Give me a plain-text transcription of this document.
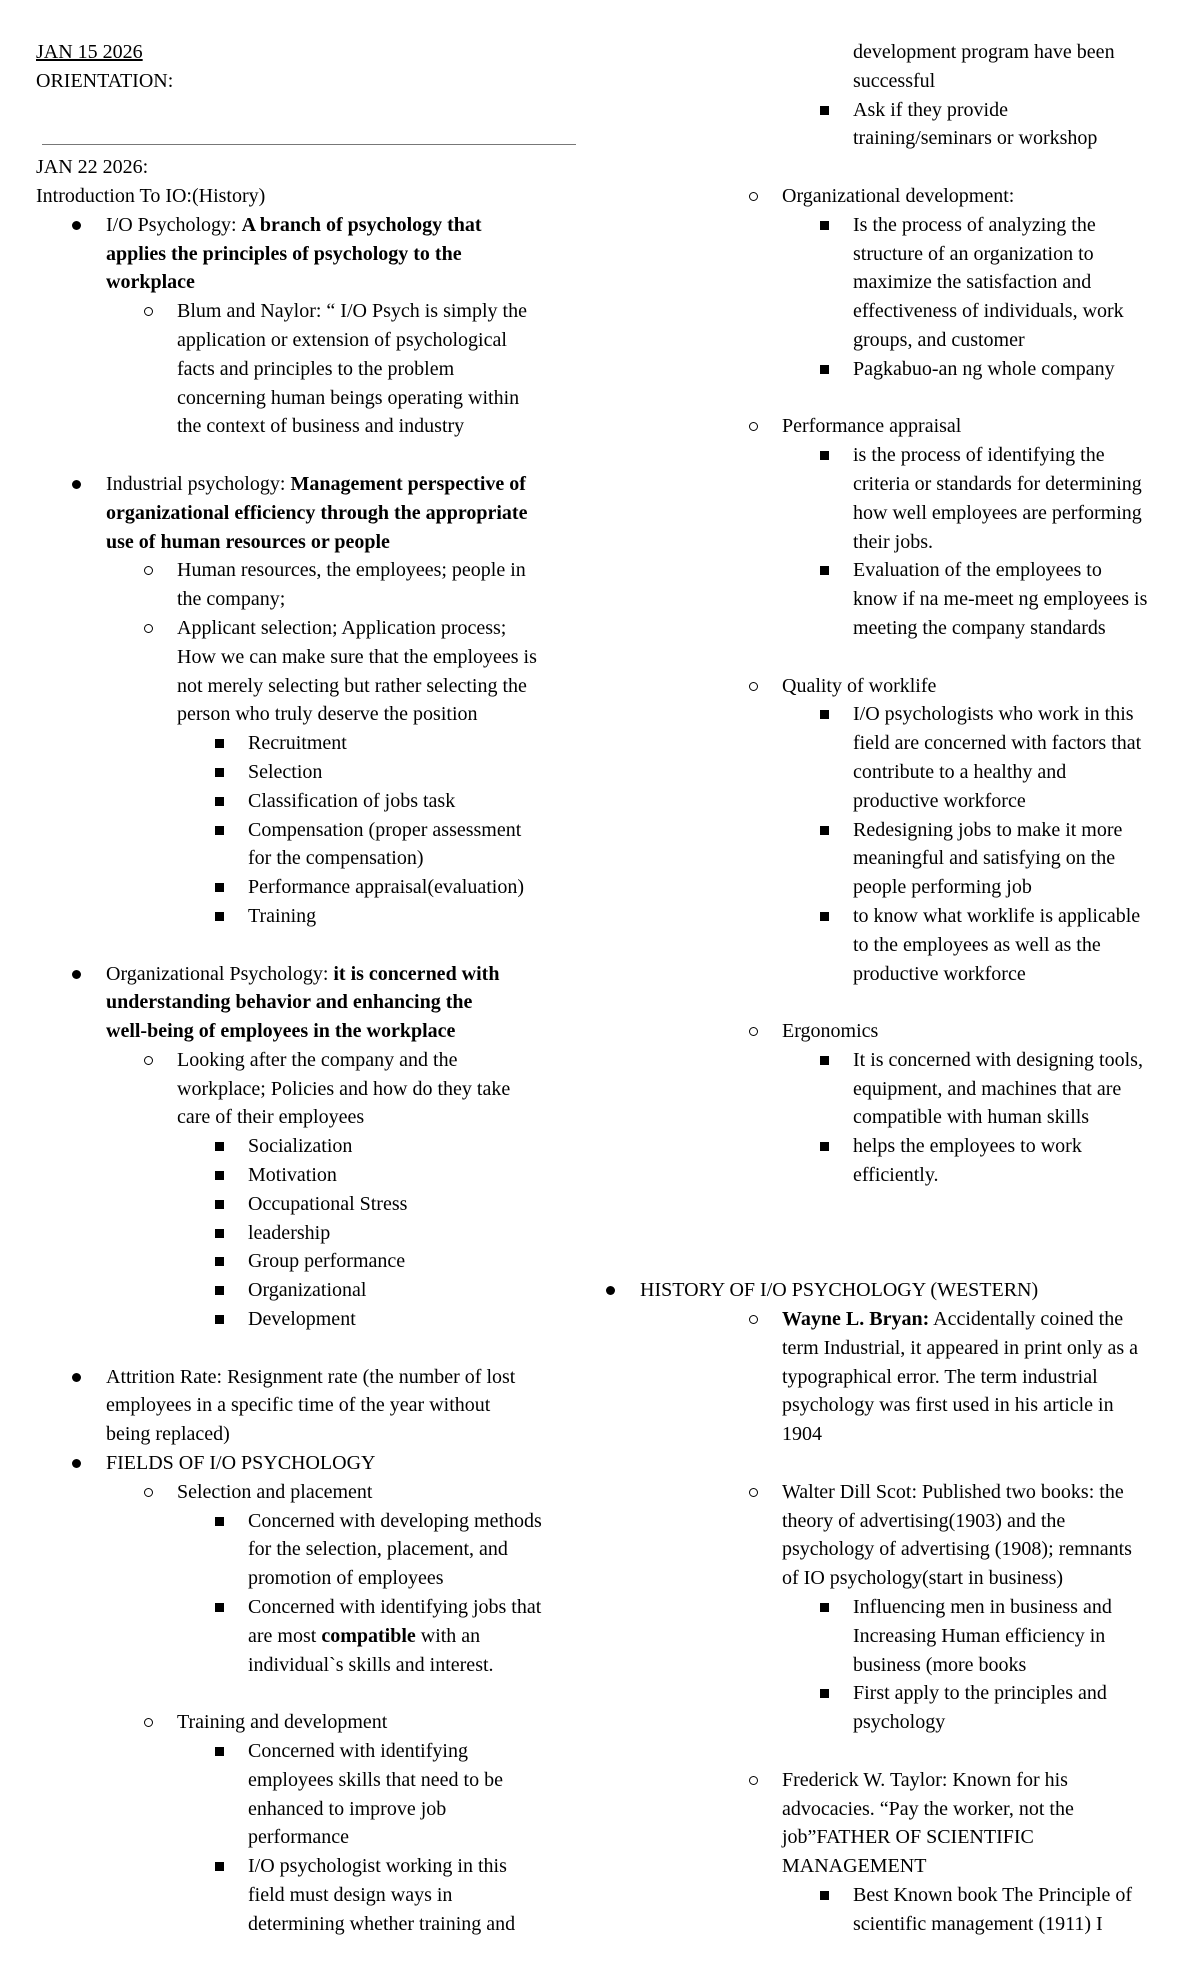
JAN 15 2026
ORIENTATION:
JAN 22 2026:
Introduction To IO:(History)
I/O Psychology: A branch of psychology that
applies the principles of psychology to the
workplace
Blum and Naylor: “ I/O Psych is simply the
application or extension of psychological
facts and principles to the problem
concerning human beings operating within
the context of business and industry
Industrial psychology: Management perspective of
organizational efficiency through the appropriate
use of human resources or people
Human resources, the employees; people in
the company;
Applicant selection; Application process;
How we can make sure that the employees is
not merely selecting but rather selecting the
person who truly deserve the position
Recruitment
Selection
Classification of jobs task
Compensation (proper assessment
for the compensation)
Performance appraisal(evaluation)
Training
Organizational Psychology: it is concerned with
understanding behavior and enhancing the
well-being of employees in the workplace
Looking after the company and the
workplace; Policies and how do they take
care of their employees
Socialization
Motivation
Occupational Stress
leadership
Group performance
Organizational
Development
Attrition Rate: Resignment rate (the number of lost
employees in a specific time of the year without
being replaced)
FIELDS OF I/O PSYCHOLOGY
Selection and placement
Concerned with developing methods
for the selection, placement, and
promotion of employees
Concerned with identifying jobs that
are most compatible with an
individual`s skills and interest.
Training and development
Concerned with identifying
employees skills that need to be
enhanced to improve job
performance
I/O psychologist working in this
field must design ways in
determining whether training and
development program have been
successful
Ask if they provide
training/seminars or workshop
Organizational development:
Is the process of analyzing the
structure of an organization to
maximize the satisfaction and
effectiveness of individuals, work
groups, and customer
Pagkabuo-an ng whole company
Performance appraisal
is the process of identifying the
criteria or standards for determining
how well employees are performing
their jobs.
Evaluation of the employees to
know if na me-meet ng employees is
meeting the company standards
Quality of worklife
I/O psychologists who work in this
field are concerned with factors that
contribute to a healthy and
productive workforce
Redesigning jobs to make it more
meaningful and satisfying on the
people performing job
to know what worklife is applicable
to the employees as well as the
productive workforce
Ergonomics
It is concerned with designing tools,
equipment, and machines that are
compatible with human skills
helps the employees to work
efficiently.
HISTORY OF I/O PSYCHOLOGY (WESTERN)
Wayne L. Bryan: Accidentally coined the
term Industrial, it appeared in print only as a
typographical error. The term industrial
psychology was first used in his article in
1904
Walter Dill Scot: Published two books: the
theory of advertising(1903) and the
psychology of advertising (1908); remnants
of IO psychology(start in business)
Influencing men in business and
Increasing Human efficiency in
business (more books
First apply to the principles and
psychology
Frederick W. Taylor: Known for his
advocacies. “Pay the worker, not the
job”FATHER OF SCIENTIFIC
MANAGEMENT
Best Known book The Principle of
scientific management (1911) I
